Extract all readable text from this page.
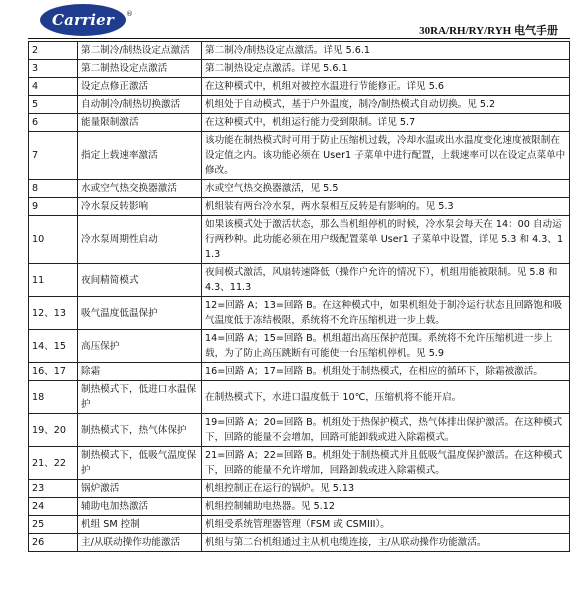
Carrier ®
30RA/RH/RY/RYH 电气手册
2	第二制冷/制热设定点激活	第二制冷/制热设定点激活。详见 5.6.1
3	第二制热设定点激活	第二制热设定点激活。详见 5.6.1
4	设定点修正激活	在这种模式中，机组对被控水温进行节能修正。详见 5.6
5	自动制冷/制热切换激活	机组处于自动模式，基于户外温度，制冷/制热模式自动切换。见 5.2
6	能量限制激活	在这种模式中，机组运行能力受到限制。详见 5.7
7	指定上载速率激活	该功能在制热模式时可用于防止压缩机过载，冷却水温或出水温度变化速度被限制在设定值之内。该功能必须在 User1 子菜单中进行配置，上载速率可以在设定点菜单中修改。
8	水或空气热交换器激活	水或空气热交换器激活，见 5.5
9	冷水泵反转影响	机组装有两台冷水泵，两水泵相互反转是有影响的。见 5.3
10	冷水泵周期性启动	如果该模式处于激活状态，那么当机组停机的时候，冷水泵会每天在 14：00 自动运行两秒种。此功能必须在用户级配置菜单 User1 子菜单中设置，详见 5.3 和 4.3、11.3
11	夜间精简模式	夜间模式激活，风扇转速降低（操作户允许的情况下），机组用能被限制。见 5.8 和 4.3、11.3
12、13	吸气温度低温保护	12=回路 A；13=回路 B。在这种模式中，如果机组处于制冷运行状态且回路饱和吸气温度低于冻结极限，系统将不允许压缩机进一步上载。
14、15	高压保护	14=回路 A；15=回路 B。机组超出高压保护范围。系统将不允许压缩机进一步上载，为了防止高压跳断有可能使一台压缩机停机。见 5.9
16、17	除霜	16=回路 A；17=回路 B。机组处于制热模式，在相应的循环下，除霜被激活。
18	制热模式下，低进口水温保护	在制热模式下，水进口温度低于 10℃，压缩机将不能开启。
19、20	制热模式下，热气体保护	19=回路 A；20=回路 B。机组处于热保护模式，热气体排出保护激活。在这种模式下，回路的能量不会增加，回路可能卸载或进入除霜模式。
21、22	制热模式下，低吸气温度保护	21=回路 A；22=回路 B。机组处于制热模式并且低吸气温度保护激活。在这种模式下，回路的能量不允许增加，回路卸载或进入除霜模式。
23	锅炉激活	机组控制正在运行的锅炉。见 5.13
24	辅助电加热激活	机组控制辅助电热器。见 5.12
25	机组 SM 控制	机组受系统管理器管理（FSM 或 CSMIII）。
26	主/从联动操作功能激活	机组与第二台机组通过主从机电缆连接，主/从联动操作功能激活。
